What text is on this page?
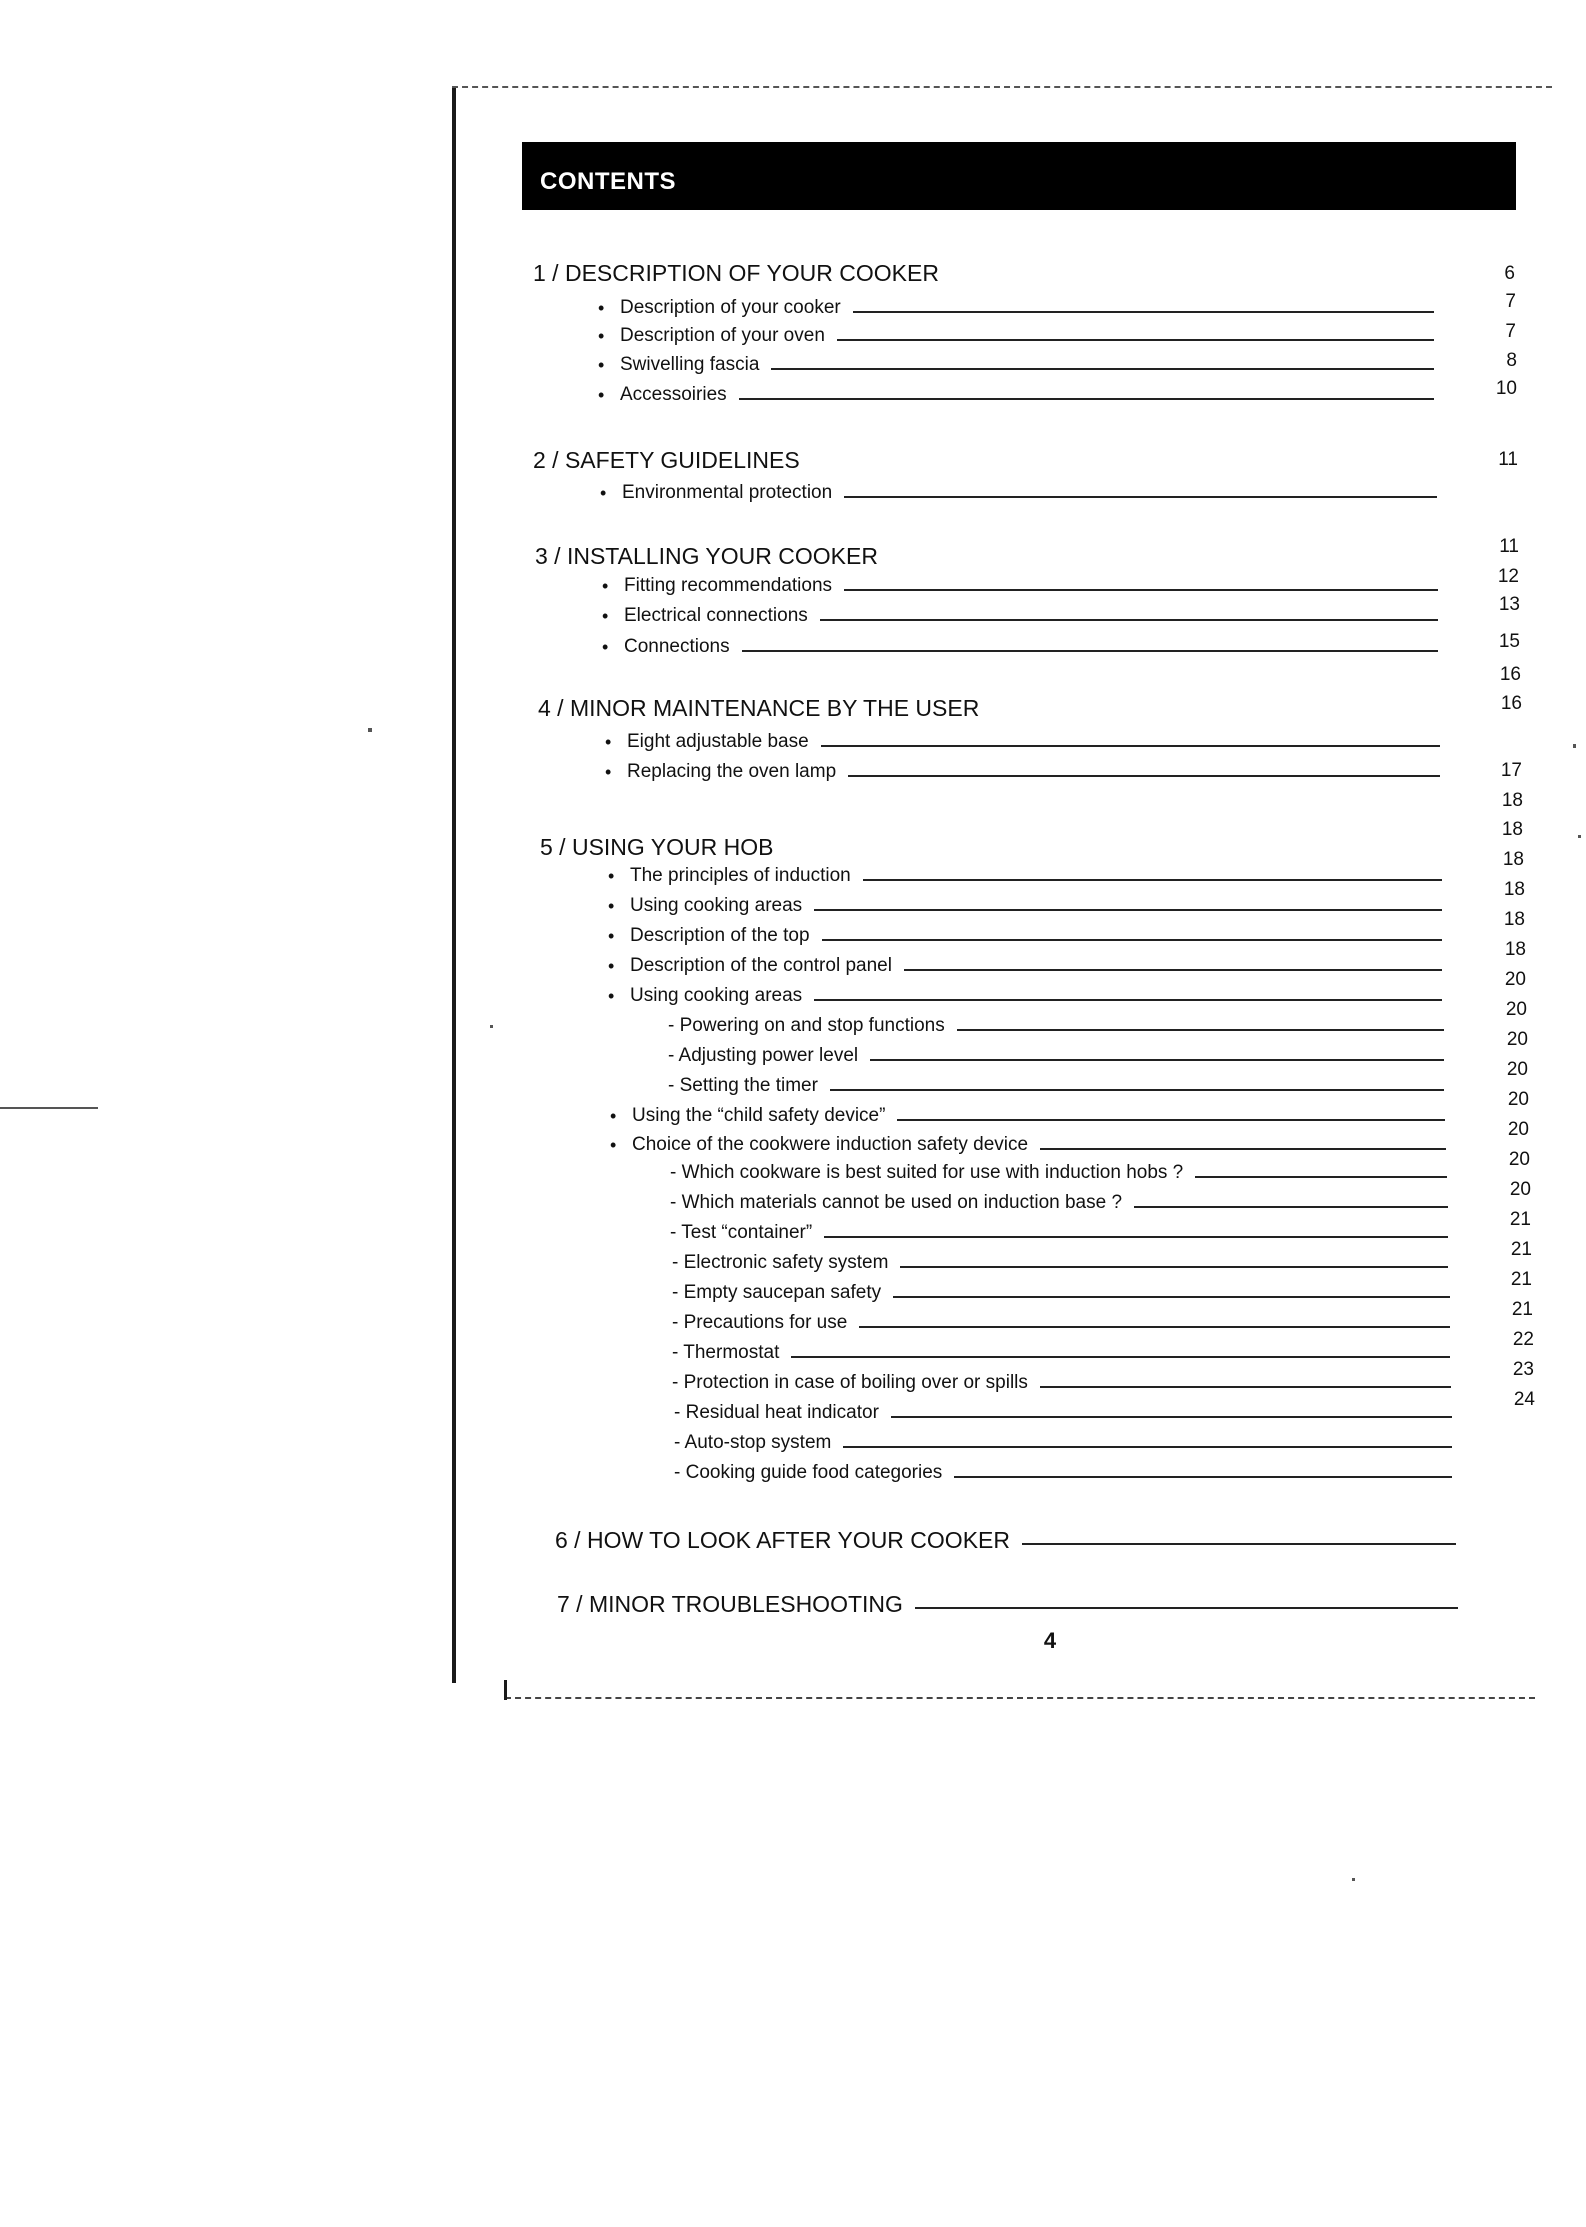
CONTENTS
1 / DESCRIPTION OF YOUR COOKER
• Description of your cooker
• Description of your oven
• Swivelling fascia
• Accessoiries
2 / SAFETY GUIDELINES
• Environmental protection
3 / INSTALLING YOUR COOKER
• Fitting recommendations
• Electrical connections
• Connections
4 / MINOR MAINTENANCE BY THE USER
• Eight adjustable base
• Replacing the oven lamp
5 / USING YOUR HOB
• The principles of induction
• Using cooking areas
• Description of the top
• Description of the control panel
• Using cooking areas
- Powering on and stop functions
- Adjusting power level
- Setting the timer
• Using the “child safety device”
• Choice of the cookwere induction safety device
- Which cookware is best suited for use with induction hobs ?
- Which materials cannot be used on induction base ?
- Test “container”
- Electronic safety system
- Empty saucepan safety
- Precautions for use
- Thermostat
- Protection in case of boiling over or spills
- Residual heat indicator
- Auto-stop system
- Cooking guide food categories
6 / HOW TO LOOK AFTER YOUR COOKER
7 / MINOR TROUBLESHOOTING
6
7
7
8
10
11
11
12
13
15
16
16
17
18
18
18
18
18
18
20
20
20
20
20
20
20
20
21
21
21
21
22
23
24
4
